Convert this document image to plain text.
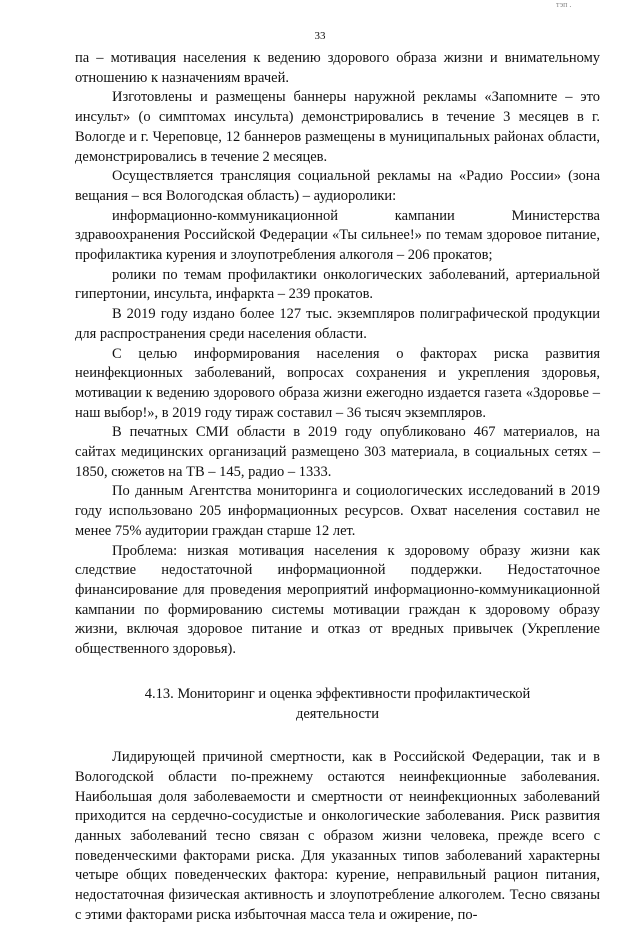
тэп .
33

па – мотивация населения к ведению здорового образа жизни и внимательному отношению к назначениям врачей.

Изготовлены и размещены баннеры наружной рекламы «Запомните – это инсульт» (о симптомах инсульта) демонстрировались в течение 3 месяцев в г. Вологде и г. Череповце, 12 баннеров размещены в муниципальных районах области, демонстрировались в течение 2 месяцев.

Осуществляется трансляция социальной рекламы на «Радио России» (зона вещания – вся Вологодская область) – аудиоролики:

информационно-коммуникационной кампании Министерства здравоохранения Российской Федерации «Ты сильнее!» по темам здоровое питание, профилактика курения и злоупотребления алкоголя – 206 прокатов;

ролики по темам профилактики онкологических заболеваний, артериальной гипертонии, инсульта, инфаркта – 239 прокатов.

В 2019 году издано более 127 тыс. экземпляров полиграфической продукции для распространения среди населения области.

С целью информирования населения о факторах риска развития неинфекционных заболеваний, вопросах сохранения и укрепления здоровья, мотивации к ведению здорового образа жизни ежегодно издается газета «Здоровье – наш выбор!», в 2019 году тираж составил – 36 тысяч экземпляров.

В печатных СМИ области в 2019 году опубликовано 467 материалов, на сайтах медицинских организаций размещено 303 материала, в социальных сетях – 1850, сюжетов на ТВ – 145, радио – 1333.

По данным Агентства мониторинга и социологических исследований в 2019 году использовано 205 информационных ресурсов. Охват населения составил не менее 75% аудитории граждан старше 12 лет.

Проблема: низкая мотивация населения к здоровому образу жизни как следствие недостаточной информационной поддержки. Недостаточное финансирование для проведения мероприятий информационно-коммуникационной кампании по формированию системы мотивации граждан к здоровому образу жизни, включая здоровое питание и отказ от вредных привычек (Укрепление общественного здоровья).

4.13. Мониторинг и оценка эффективности профилактической
деятельности

Лидирующей причиной смертности, как в Российской Федерации, так и в Вологодской области по-прежнему остаются неинфекционные заболевания. Наибольшая доля заболеваемости и смертности от неинфекционных заболеваний приходится на сердечно-сосудистые и онкологические заболевания. Риск развития данных заболеваний тесно связан с образом жизни человека, прежде всего с поведенческими факторами риска. Для указанных типов заболеваний характерны четыре общих поведенческих фактора: курение, неправильный рацион питания, недостаточная физическая активность и злоупотребление алкоголем. Тесно связаны с этими факторами риска избыточная масса тела и ожирение, по-
